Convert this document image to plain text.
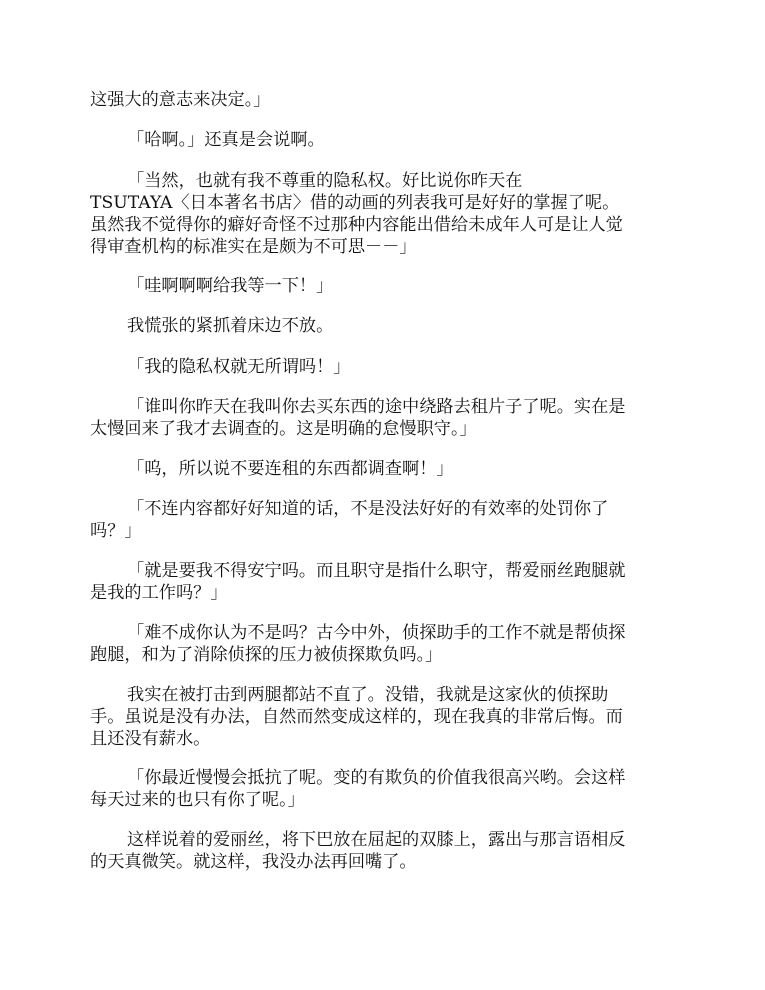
这强大的意志来决定。」
「哈啊。」还真是会说啊。
「当然，也就有我不尊重的隐私权。好比说你昨天在
TSUTAYA〈日本著名书店〉借的动画的列表我可是好好的掌握了呢。
虽然我不觉得你的癖好奇怪不过那种内容能出借给未成年人可是让人觉
得审查机构的标准实在是颇为不可思－－」
「哇啊啊啊给我等一下！」
我慌张的紧抓着床边不放。
「我的隐私权就无所谓吗！」
「谁叫你昨天在我叫你去买东西的途中绕路去租片子了呢。实在是
太慢回来了我才去调查的。这是明确的怠慢职守。」
「呜，所以说不要连租的东西都调查啊！」
「不连内容都好好知道的话，不是没法好好的有效率的处罚你了
吗？」
「就是要我不得安宁吗。而且职守是指什么职守，帮爱丽丝跑腿就
是我的工作吗？」
「难不成你认为不是吗？古今中外，侦探助手的工作不就是帮侦探
跑腿，和为了消除侦探的压力被侦探欺负吗。」
我实在被打击到两腿都站不直了。没错，我就是这家伙的侦探助
手。虽说是没有办法，自然而然变成这样的，现在我真的非常后悔。而
且还没有薪水。
「你最近慢慢会抵抗了呢。变的有欺负的价值我很高兴哟。会这样
每天过来的也只有你了呢。」
这样说着的爱丽丝，将下巴放在屈起的双膝上，露出与那言语相反
的天真微笑。就这样，我没办法再回嘴了。
